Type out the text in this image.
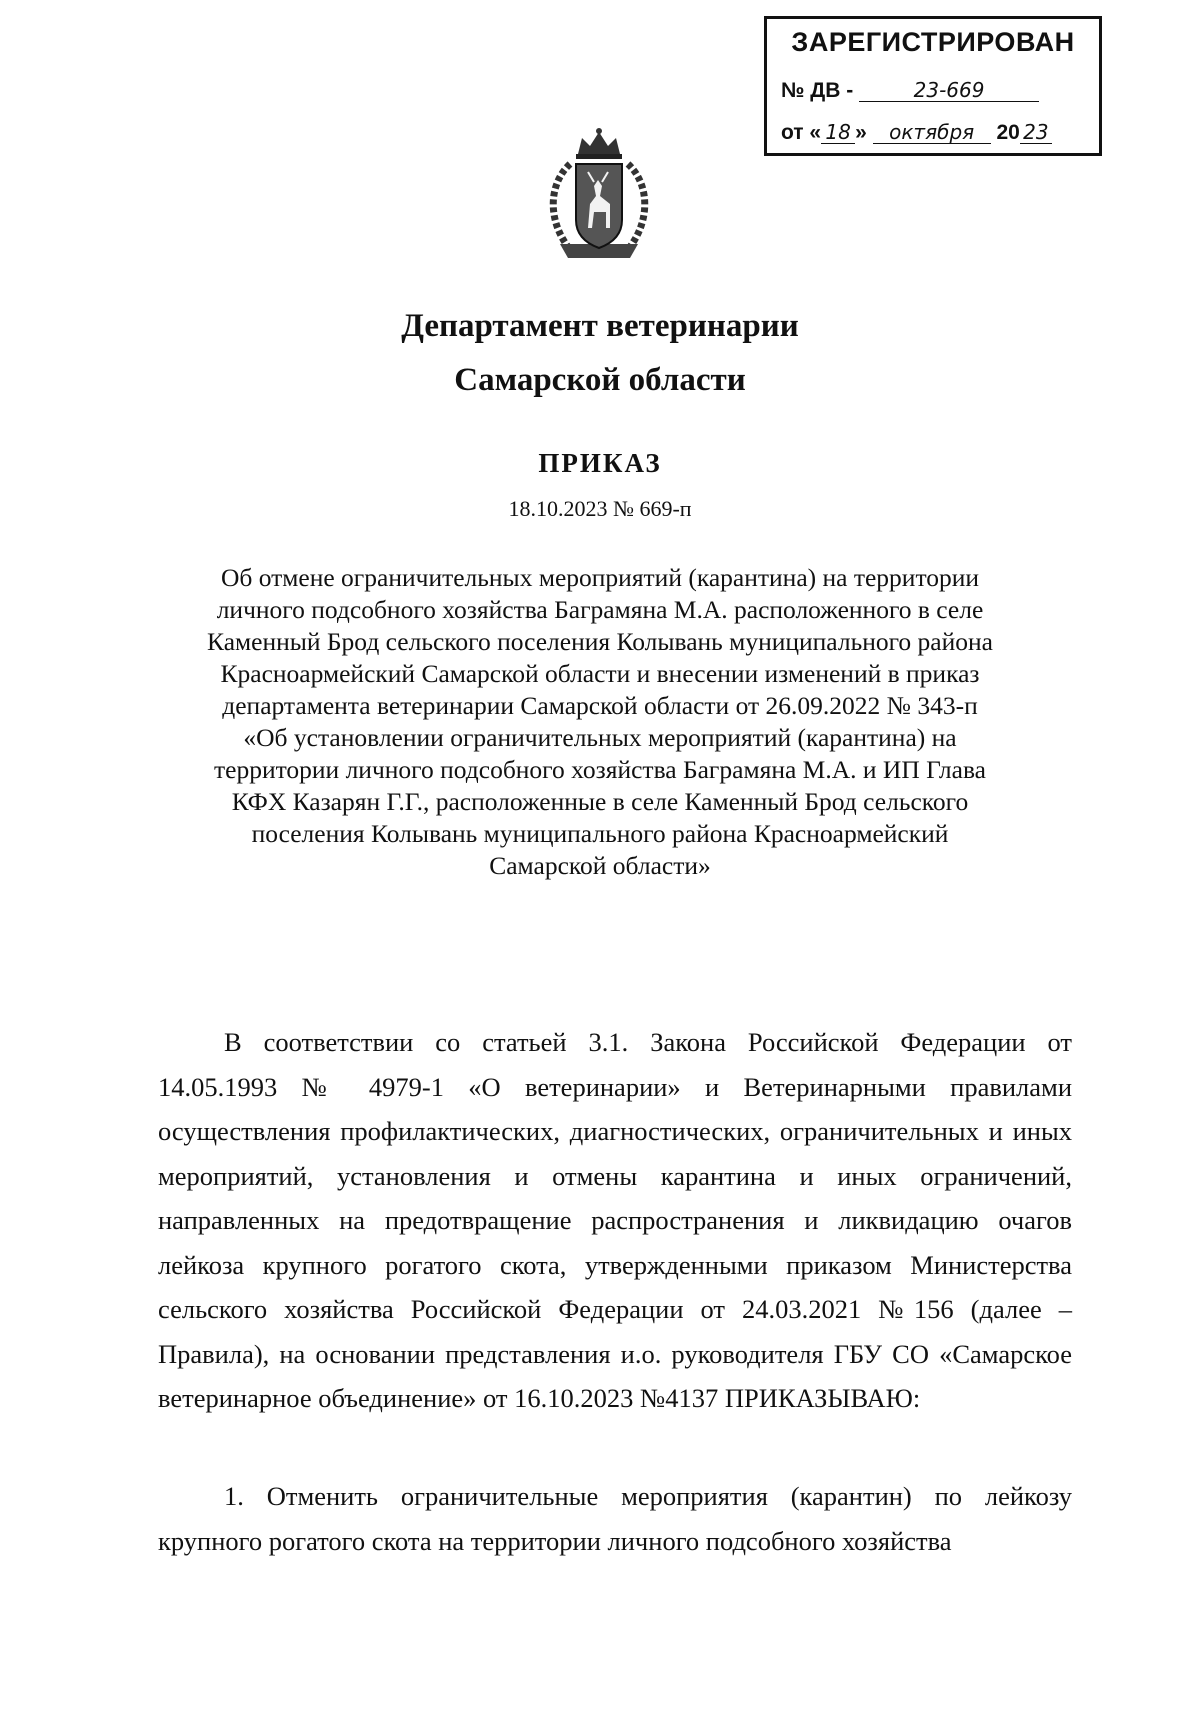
ЗАРЕГИСТРИРОВАН
№ ДВ -	23-669
от « 18 » октября 20 23
Департамент ветеринарии
Самарской области
ПРИКАЗ
18.10.2023 № 669-п
Об отмене ограничительных мероприятий (карантина) на территории
личного подсобного хозяйства Баграмяна М.А. расположенного в селе
Каменный Брод сельского поселения Колывань муниципального района
Красноармейский Самарской области и внесении изменений в приказ
департамента ветеринарии Самарской области от 26.09.2022 № 343-п
«Об установлении ограничительных мероприятий (карантина) на
территории личного подсобного хозяйства Баграмяна М.А. и ИП Глава
КФХ Казарян Г.Г., расположенные в селе Каменный Брод сельского
поселения Колывань муниципального района Красноармейский
Самарской области»
В соответствии со статьей 3.1. Закона Российской Федерации от 14.05.1993 № 4979-1 «О ветеринарии» и Ветеринарными правилами осуществления профилактических, диагностических, ограничительных и иных мероприятий, установления и отмены карантина и иных ограничений, направленных на предотвращение распространения и ликвидацию очагов лейкоза крупного рогатого скота, утвержденными приказом Министерства сельского хозяйства Российской Федерации от 24.03.2021 №156 (далее – Правила), на основании представления и.о. руководителя ГБУ СО «Самарское ветеринарное объединение» от 16.10.2023 №4137 ПРИКАЗЫВАЮ:
1. Отменить ограничительные мероприятия (карантин) по лейкозу крупного рогатого скота на территории личного подсобного хозяйства
